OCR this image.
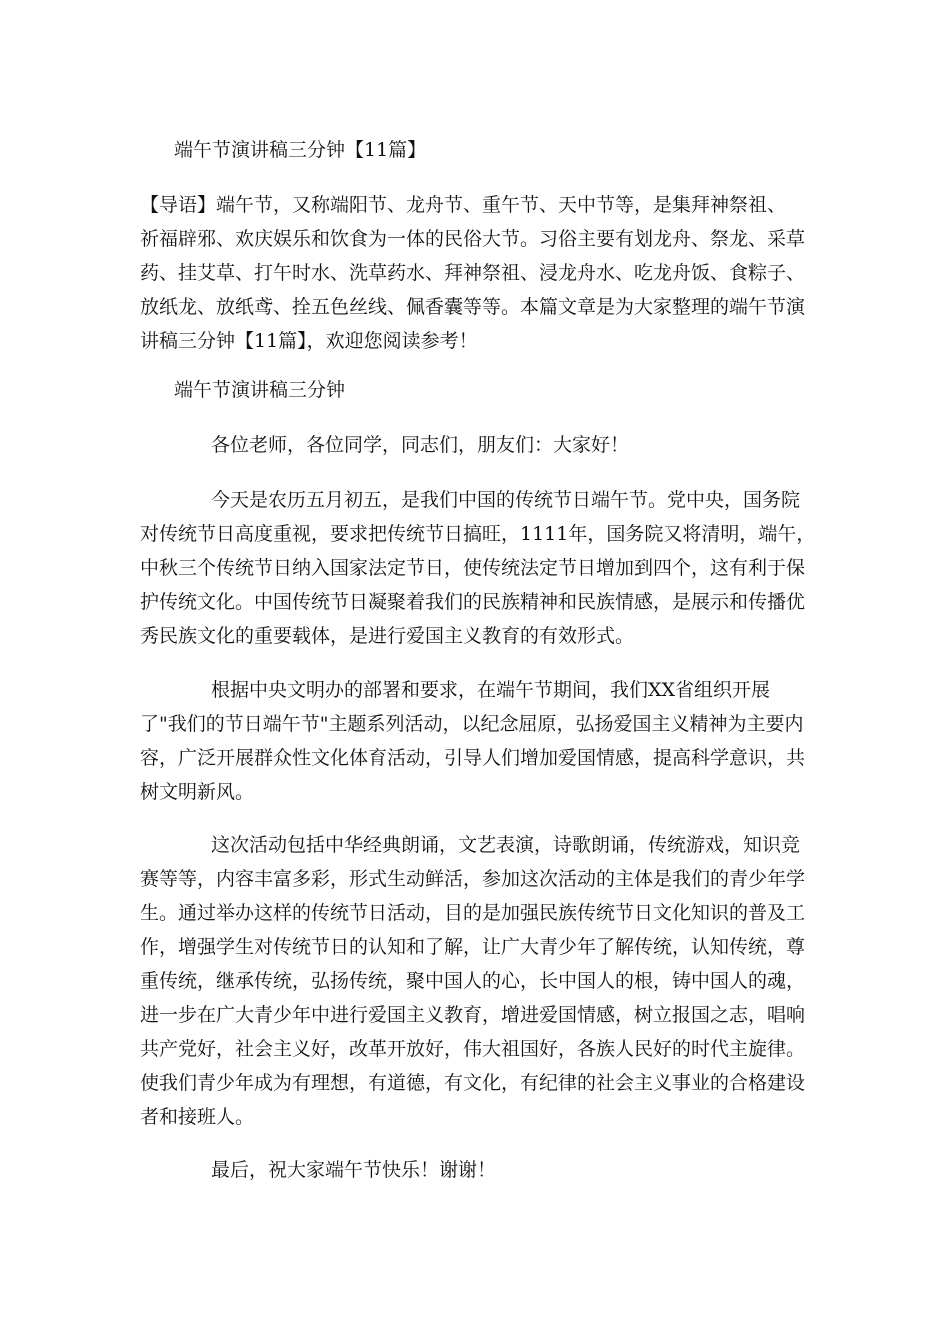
端午节演讲稿三分钟【11篇】
【导语】端午节，又称端阳节、龙舟节、重午节、天中节等，是集拜神祭祖、
祈福辟邪、欢庆娱乐和饮食为一体的民俗大节。习俗主要有划龙舟、祭龙、采草
药、挂艾草、打午时水、洗草药水、拜神祭祖、浸龙舟水、吃龙舟饭、食粽子、
放纸龙、放纸鸢、拴五色丝线、佩香囊等等。本篇文章是为大家整理的端午节演
讲稿三分钟【11篇】，欢迎您阅读参考！
端午节演讲稿三分钟
各位老师，各位同学，同志们，朋友们：大家好！
今天是农历五月初五，是我们中国的传统节日端午节。党中央，国务院
对传统节日高度重视，要求把传统节日搞旺，1111年，国务院又将清明，端午，
中秋三个传统节日纳入国家法定节日，使传统法定节日增加到四个，这有利于保
护传统文化。中国传统节日凝聚着我们的民族精神和民族情感，是展示和传播优
秀民族文化的重要载体，是进行爱国主义教育的有效形式。
根据中央文明办的部署和要求，在端午节期间，我们XX省组织开展
了"我们的节日端午节"主题系列活动，以纪念屈原，弘扬爱国主义精神为主要内
容，广泛开展群众性文化体育活动，引导人们增加爱国情感，提高科学意识，共
树文明新风。
这次活动包括中华经典朗诵，文艺表演，诗歌朗诵，传统游戏，知识竞
赛等等，内容丰富多彩，形式生动鲜活，参加这次活动的主体是我们的青少年学
生。通过举办这样的传统节日活动，目的是加强民族传统节日文化知识的普及工
作，增强学生对传统节日的认知和了解，让广大青少年了解传统，认知传统，尊
重传统，继承传统，弘扬传统，聚中国人的心，长中国人的根，铸中国人的魂，
进一步在广大青少年中进行爱国主义教育，增进爱国情感，树立报国之志，唱响
共产党好，社会主义好，改革开放好，伟大祖国好，各族人民好的时代主旋律。
使我们青少年成为有理想，有道德，有文化，有纪律的社会主义事业的合格建设
者和接班人。
最后，祝大家端午节快乐！谢谢！
